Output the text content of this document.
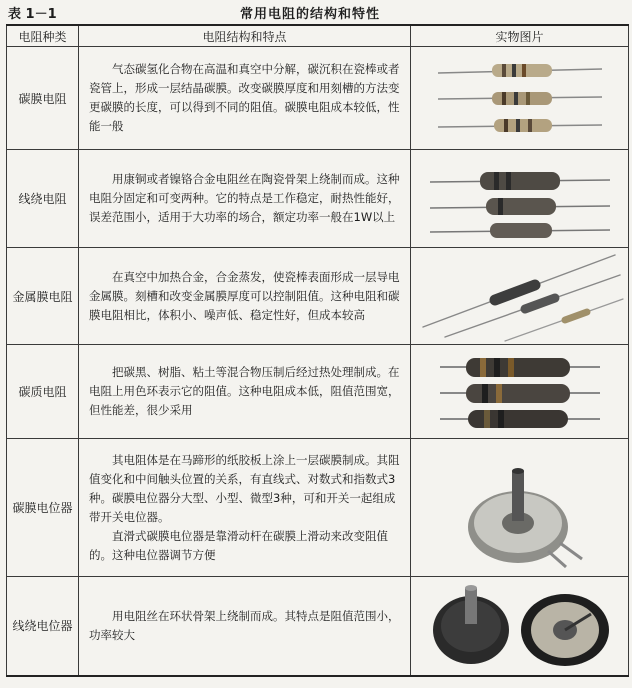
表 1－1	常用电阻的结构和特性
电阻种类	电阻结构和特点	实物图片
碳膜电阻	气态碳氢化合物在高温和真空中分解，碳沉积在瓷棒或者瓷管上，形成一层结晶碳膜。改变碳膜厚度和用刻槽的方法变更碳膜的长度，可以得到不同的阻值。碳膜电阻成本较低，性能一般	

线绕电阻	用康铜或者镍铬合金电阻丝在陶瓷骨架上绕制而成。这种电阻分固定和可变两种。它的特点是工作稳定，耐热性能好，误差范围小，适用于大功率的场合，额定功率一般在1W以上	

金属膜电阻	在真空中加热合金，合金蒸发，使瓷棒表面形成一层导电金属膜。刻槽和改变金属膜厚度可以控制阻值。这种电阻和碳膜电阻相比，体积小、噪声低、稳定性好，但成本较高	

碳质电阻	把碳黑、树脂、粘土等混合物压制后经过热处理制成。在电阻上用色环表示它的阻值。这种电阻成本低，阻值范围宽，但性能差，很少采用	

碳膜电位器	其电阻体是在马蹄形的纸胶板上涂上一层碳膜制成。其阻值变化和中间触头位置的关系，有直线式、对数式和指数式3种。碳膜电位器分大型、小型、微型3种，可和开关一起组成带开关电位器。

直滑式碳膜电位器是靠滑动杆在碳膜上滑动来改变阻值的。这种电位器调节方便

线绕电位器	用电阻丝在环状骨架上绕制而成。其特点是阻值范围小，功率较大	
